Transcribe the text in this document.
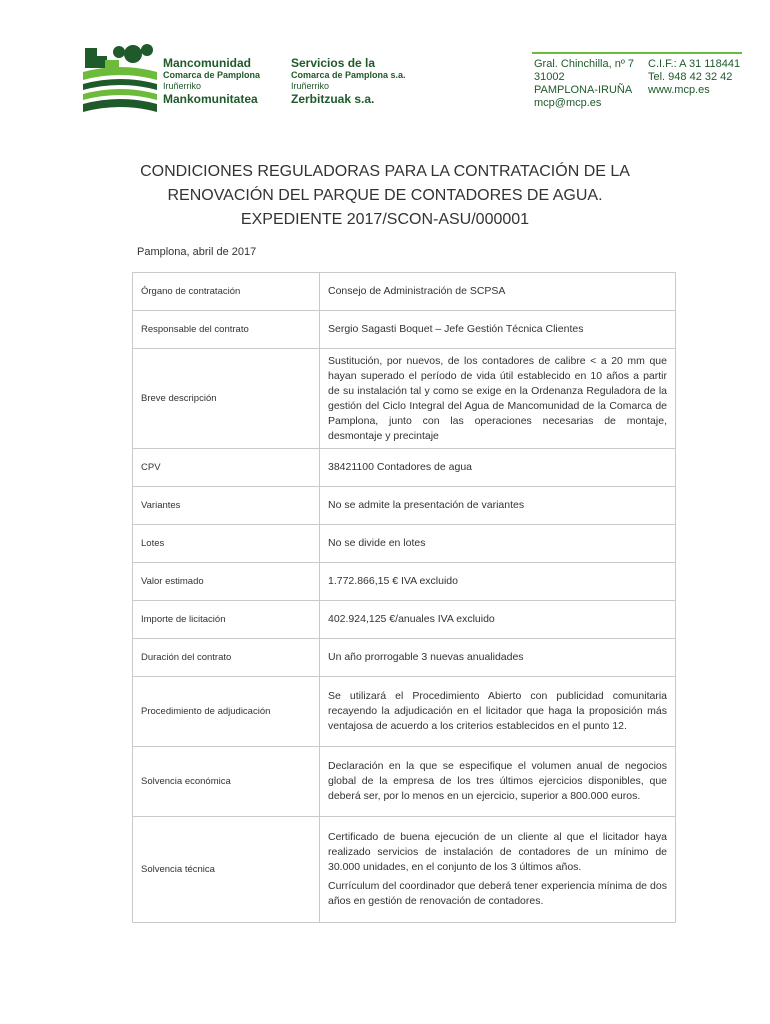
Mancomunidad
Comarca de Pamplona
Iruñerriko
Mankomunitatea
Servicios de la
Comarca de Pamplona s.a.
Iruñerriko
Zerbitzuak s.a.
Gral. Chinchilla, nº 7
31002
PAMPLONA-IRUÑA
mcp@mcp.es
C.I.F.: A 31 118441
Tel. 948 42 32 42
www.mcp.es
CONDICIONES REGULADORAS PARA LA CONTRATACIÓN DE LA
RENOVACIÓN DEL PARQUE DE CONTADORES DE AGUA.
EXPEDIENTE 2017/SCON-ASU/000001
Pamplona, abril de 2017
Órgano de contratación	Consejo de Administración de SCPSA

Responsable del contrato	Sergio Sagasti Boquet – Jefe Gestión Técnica Clientes

Breve descripción	Sustitución, por nuevos, de los contadores de calibre < a 20 mm que hayan superado el período de vida útil establecido en 10 años a partir de su instalación tal y como se exige en la Ordenanza Reguladora de la gestión del Ciclo Integral del Agua de Mancomunidad de la Comarca de Pamplona, junto con las operaciones necesarias de montaje, desmontaje y precintaje

CPV	38421100 Contadores de agua

Variantes	No se admite la presentación de variantes

Lotes	No se divide en lotes

Valor estimado	1.772.866,15 € IVA excluido

Importe de licitación	402.924,125 €/anuales IVA excluido

Duración del contrato	Un año prorrogable 3 nuevas anualidades

Procedimiento de adjudicación	Se utilizará el Procedimiento Abierto con publicidad comunitaria recayendo la adjudicación en el licitador que haga la proposición más ventajosa de acuerdo a los criterios establecidos en el punto 12.

Solvencia económica	Declaración en la que se especifique el volumen anual de negocios global de la empresa de los tres últimos ejercicios disponibles, que deberá ser, por lo menos en un ejercicio, superior a 800.000 euros.

Solvencia técnica	Certificado de buena ejecución de un cliente al que el licitador haya realizado servicios de instalación de contadores de un mínimo de 30.000 unidades, en el conjunto de los 3 últimos años.

Currículum del coordinador que deberá tener experiencia mínima de dos años en gestión de renovación de contadores.
